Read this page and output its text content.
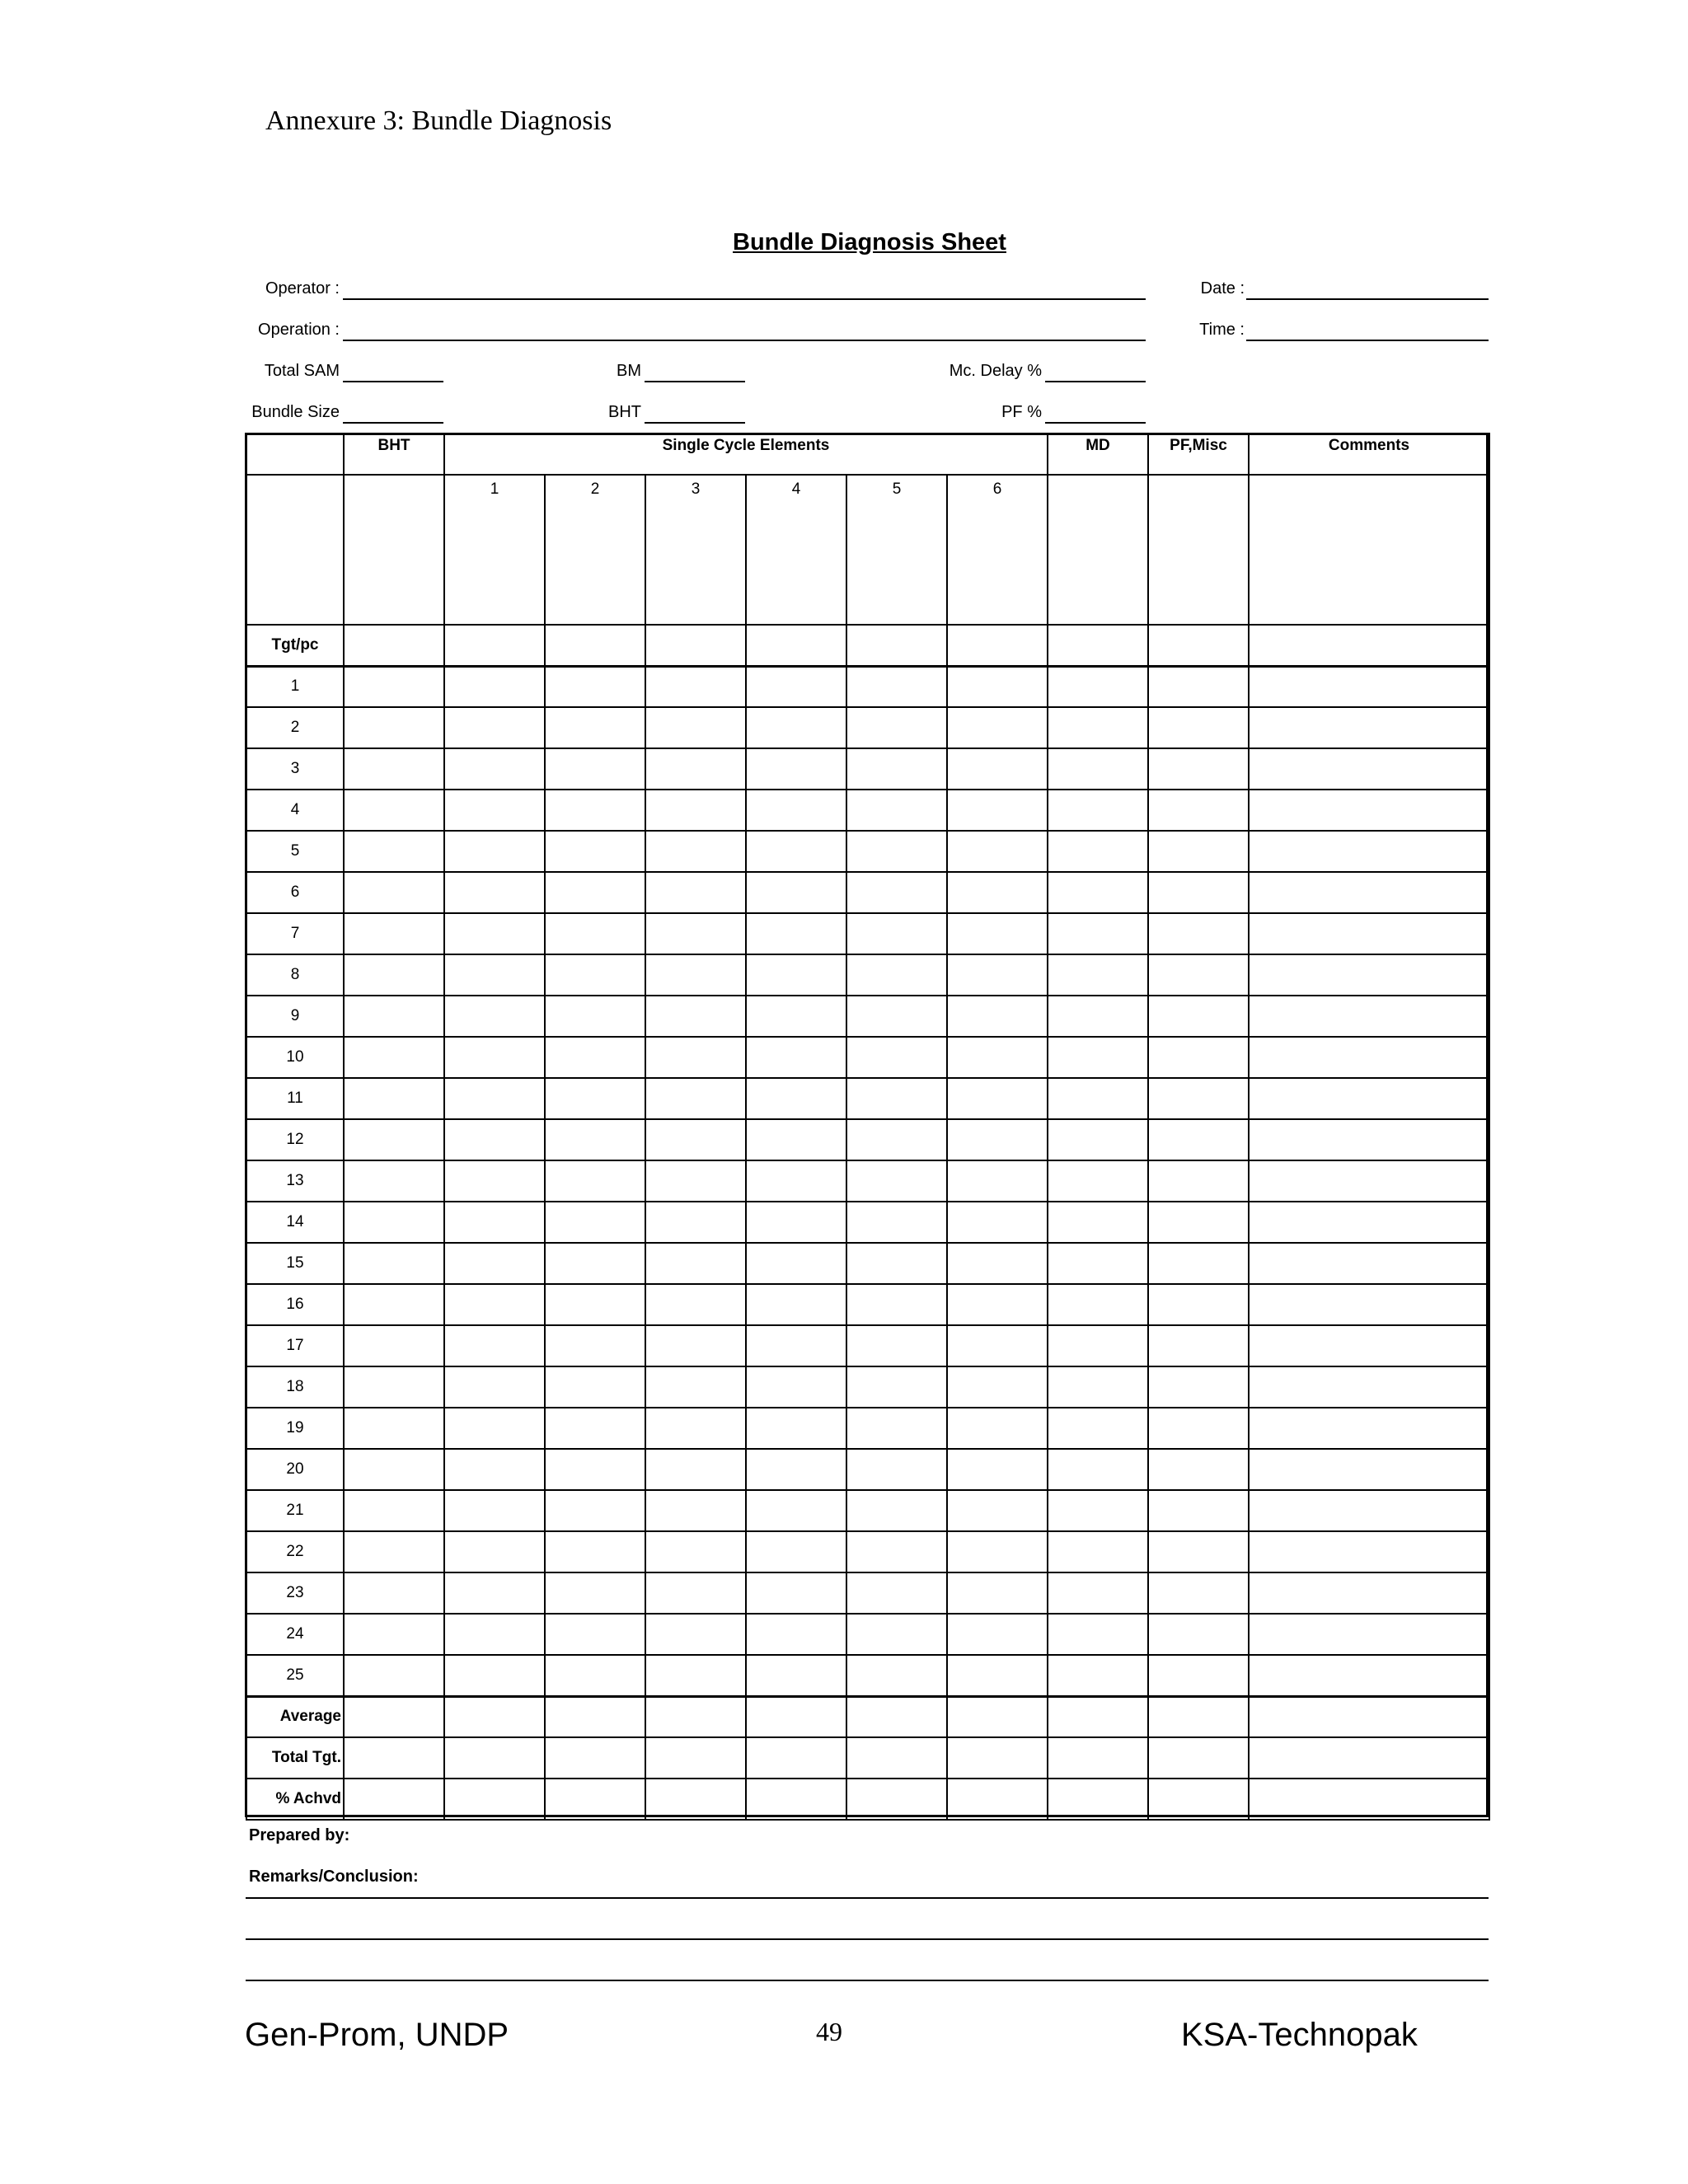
Annexure 3: Bundle Diagnosis
Bundle Diagnosis Sheet
Operator :	Date :
Operation :	Time :
Total SAM	BM	Mc. Delay %
Bundle Size	BHT	PF %
	BHT	Single Cycle Elements						MD	PF,Misc	Comments
		1	2	3	4	5	6			
Tgt/pc										
1										
2										
3										
4										
5										
6										
7										
8										
9										
10										
11										
12										
13										
14										
15										
16										
17										
18										
19										
20										
21										
22										
23										
24										
25										
Average										
Total Tgt.										
% Achvd										
Prepared by:
Remarks/Conclusion:
Gen-Prom, UNDP	49	KSA-Technopak
